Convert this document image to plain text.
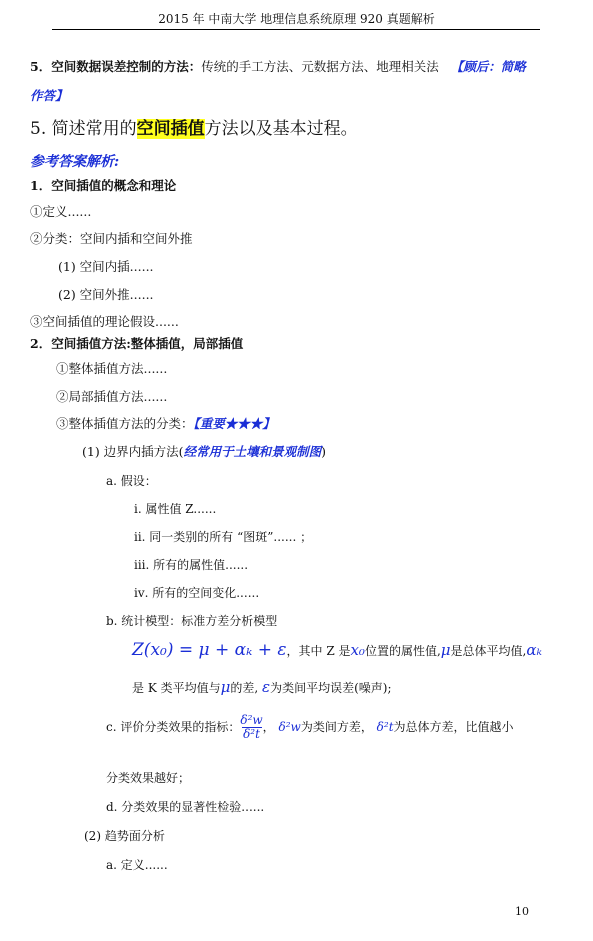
2015 年 中南大学 地理信息系统原理 920 真题解析
5．空间数据误差控制的方法：传统的手工方法、元数据方法、地理相关法 【顾后：简略
作答】
5. 简述常用的空间插值方法以及基本过程。
参考答案解析:
1．空间插值的概念和理论
①定义......
②分类：空间内插和空间外推
(1) 空间内插......
(2) 空间外推......
③空间插值的理论假设......
2．空间插值方法:整体插值，局部插值
①整体插值方法......
②局部插值方法......
③整体插值方法的分类：【重要★★★】
(1) 边界内插方法(经常用于土壤和景观制图)
a. 假设：
ⅰ. 属性值 Z......
ⅱ. 同一类别的所有 “图斑”...... ；
ⅲ. 所有的属性值......
ⅳ. 所有的空间变化......
b. 统计模型：标准方差分析模型
Z(x₀) = μ + αₖ + ε，其中 Z 是x₀位置的属性值,μ是总体平均值,αₖ
是 K 类平均值与μ的差, ε为类间平均误差(噪声);
c. 评价分类效果的指标： $\frac{\text{δ²w}}{\text{δ²t}}$ ， δ²w为类间方差， δ²t为总体方差，比值越小
分类效果越好；
d. 分类效果的显著性检验......
(2) 趋势面分析
a. 定义......
10
